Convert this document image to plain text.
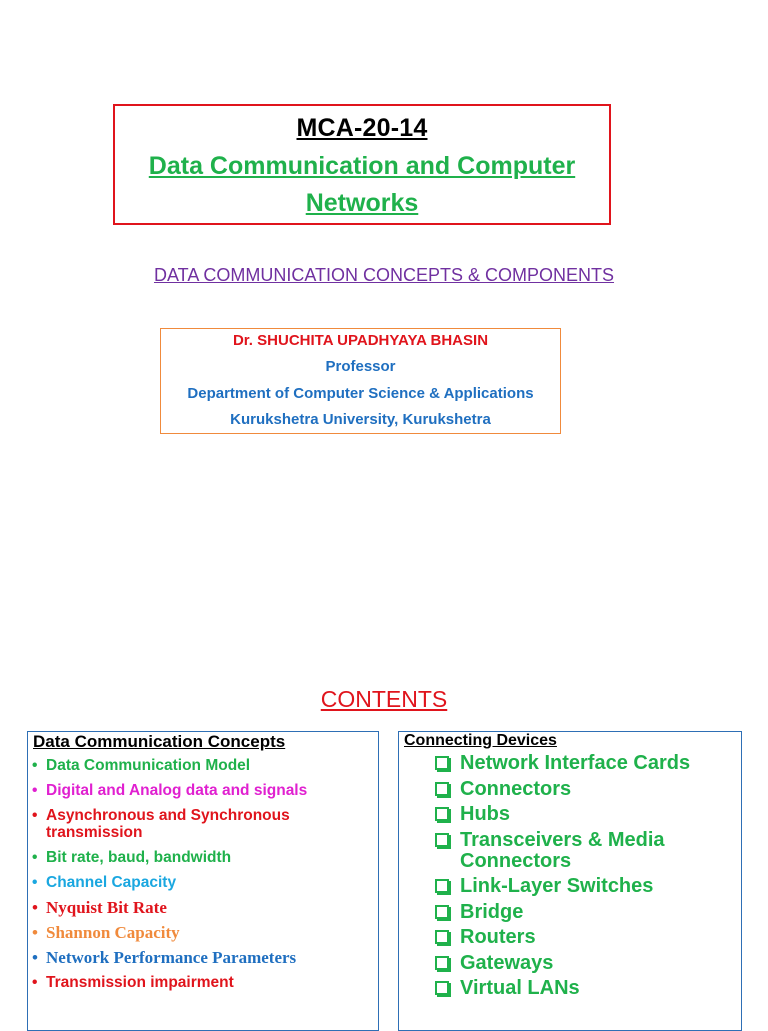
MCA-20-14
Data Communication and Computer
Networks
DATA COMMUNICATION CONCEPTS & COMPONENTS
Dr. SHUCHITA UPADHYAYA BHASIN
Professor
Department of Computer Science & Applications
Kurukshetra University, Kurukshetra
CONTENTS
Data Communication Concepts
• Data Communication Model
• Digital and Analog data and signals
• Asynchronous and Synchronous transmission
• Bit rate, baud, bandwidth
• Channel Capacity
• Nyquist Bit Rate
• Shannon Capacity
• Network Performance Parameters
• Transmission impairment
Connecting Devices
Network Interface Cards
Connectors
Hubs
Transceivers & Media Connectors
Link-Layer Switches
Bridge
Routers
Gateways
Virtual LANs
